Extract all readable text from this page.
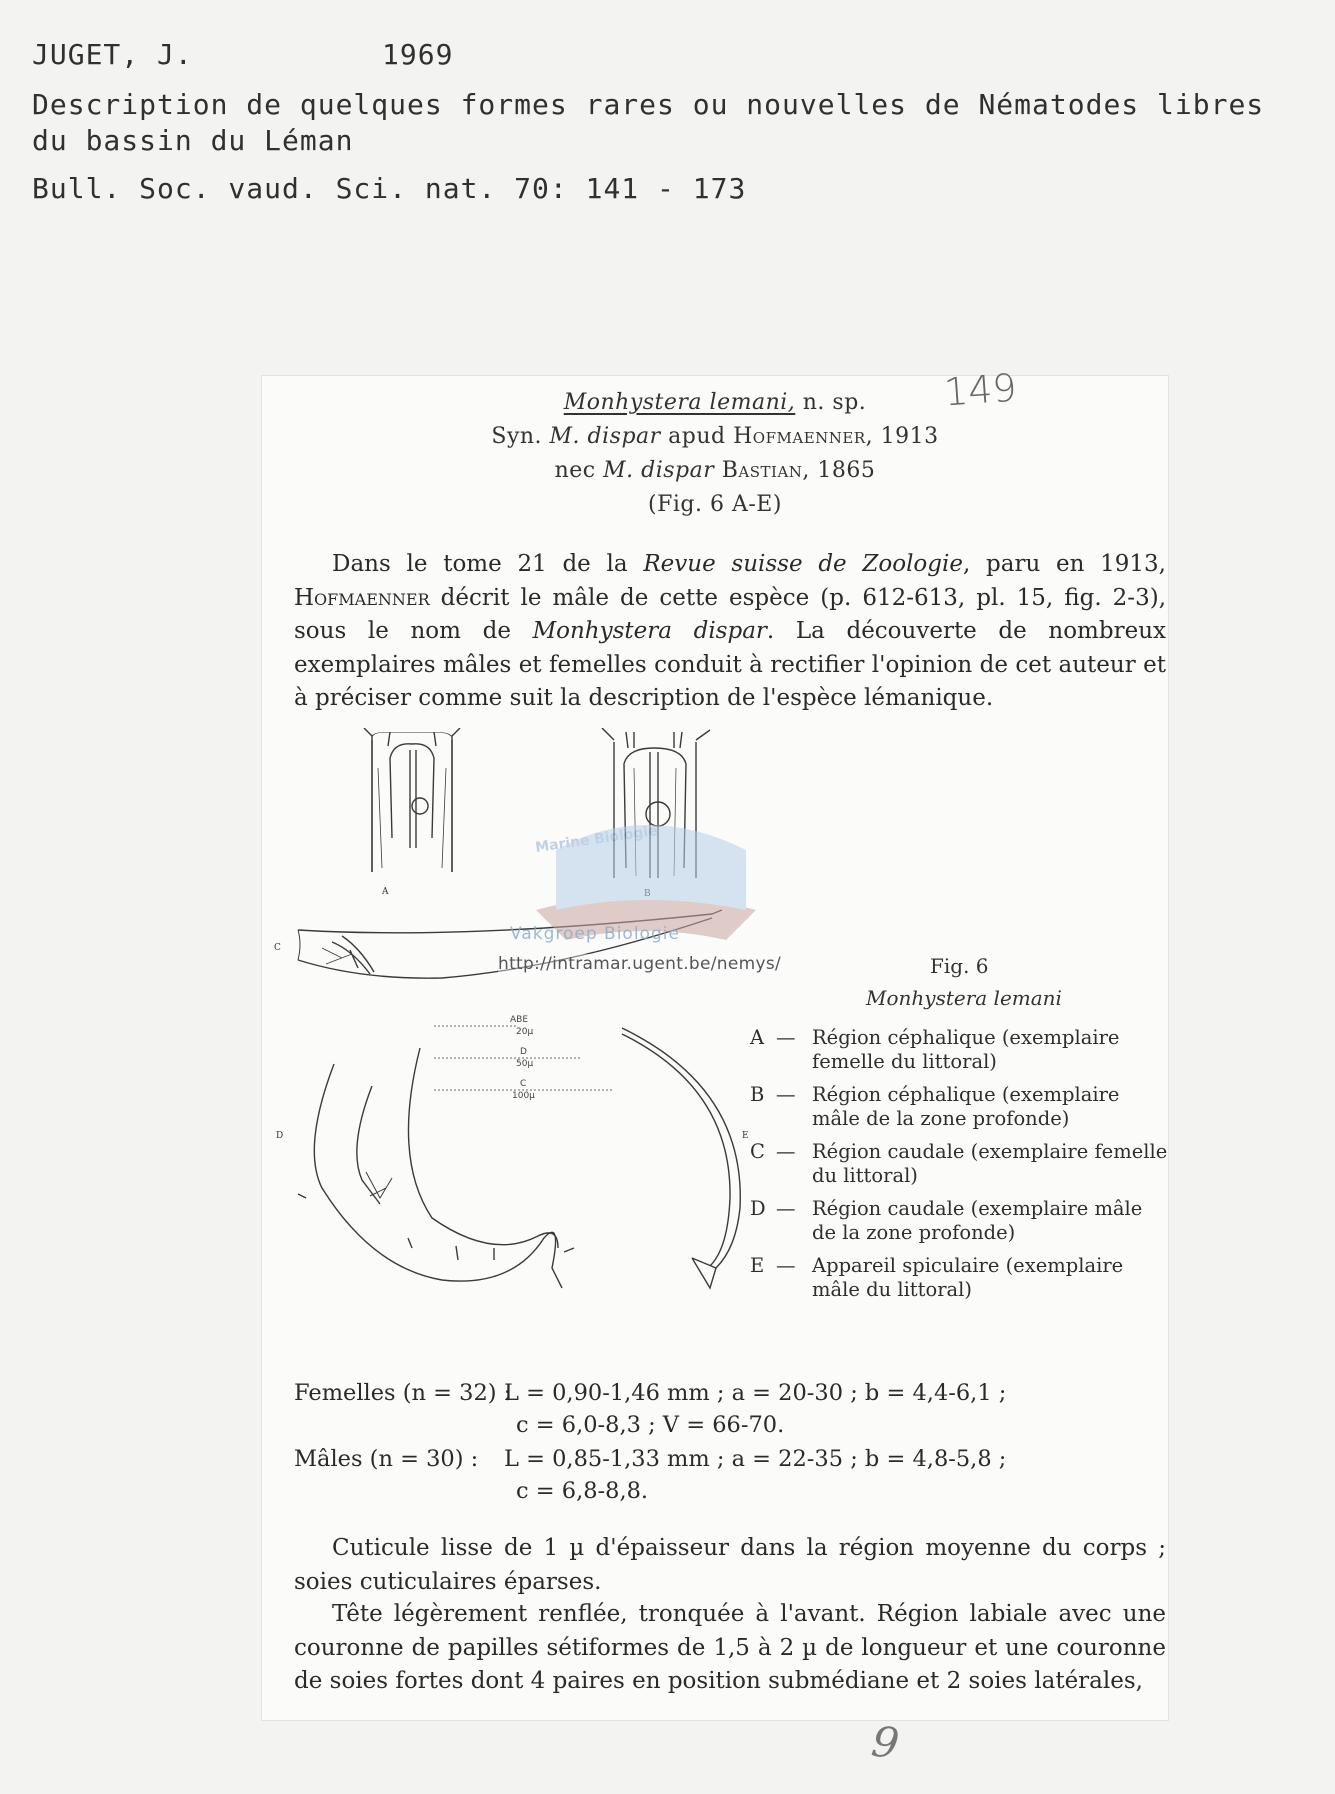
JUGET, J.	1969
Description de quelques formes rares ou nouvelles de Nématodes libres
du bassin du Léman
Bull. Soc. vaud. Sci. nat. 70: 141 - 173
Monhystera lemani, n. sp.	149
Syn. M. dispar apud Hofmaenner, 1913
nec M. dispar Bastian, 1865
(Fig. 6 A-E)
Dans le tome 21 de la Revue suisse de Zoologie, paru en 1913, Hofmaenner décrit le mâle de cette espèce (p. 612-613, pl. 15, fig. 2-3), sous le nom de Monhystera dispar. La découverte de nombreux exemplaires mâles et femelles conduit à rectifier l'opinion de cet auteur et à préciser comme suit la description de l'espèce lémanique.
A
C
D	E
ABE
20µ
D
50µ
C
100µ
Marine Biologie
Vakgroep Biologie
http://intramar.ugent.be/nemys/	Fig. 6
Monhystera lemani
A — Région céphalique (exemplaire femelle du littoral)
B — Région céphalique (exemplaire mâle de la zone profonde)
C — Région caudale (exemplaire femelle du littoral)
D — Région caudale (exemplaire mâle de la zone profonde)
E — Appareil spiculaire (exemplaire mâle du littoral)
Femelles (n = 32) :
L = 0,90-1,46 mm ; a = 20-30 ; b = 4,4-6,1 ;
c = 6,0-8,3 ; V = 66-70.
Mâles (n = 30) : L = 0,85-1,33 mm ; a = 22-35 ; b = 4,8-5,8 ;
c = 6,8-8,8.
Cuticule lisse de 1 µ d'épaisseur dans la région moyenne du corps ; soies cuticulaires éparses.
Tête légèrement renflée, tronquée à l'avant. Région labiale avec une couronne de papilles sétiformes de 1,5 à 2 µ de longueur et une couronne de soies fortes dont 4 paires en position submédiane et 2 soies latérales,
9
